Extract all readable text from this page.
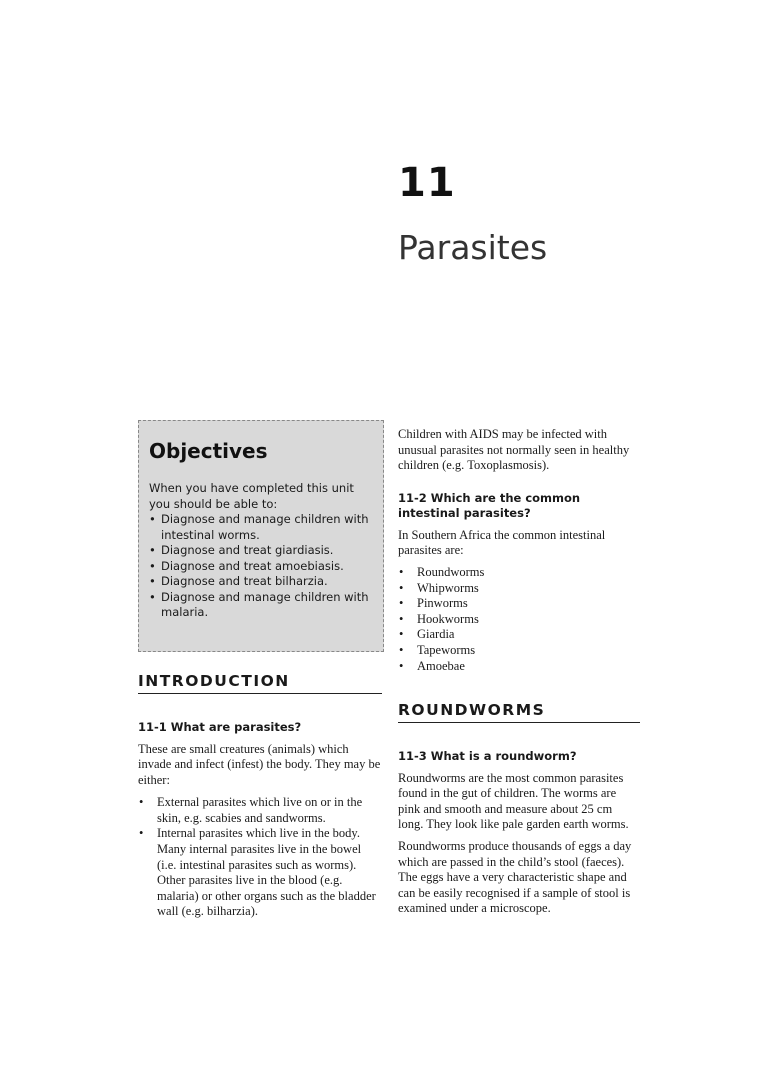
11
Parasites
Objectives

When you have completed this unit you should be able to:

• Diagnose and manage children with intestinal worms.
• Diagnose and treat giardiasis.
• Diagnose and treat amoebiasis.
• Diagnose and treat bilharzia.
• Diagnose and manage children with malaria.
INTRODUCTION
11-1 What are parasites?

These are small creatures (animals) which invade and infect (infest) the body. They may be either:

• External parasites which live on or in the skin, e.g. scabies and sandworms.
• Internal parasites which live in the body. Many internal parasites live in the bowel (i.e. intestinal parasites such as worms). Other parasites live in the blood (e.g. malaria) or other organs such as the bladder wall (e.g. bilharzia).

Children with AIDS may be infected with unusual parasites not normally seen in healthy children (e.g. Toxoplasmosis).

11-2 Which are the common intestinal parasites?

In Southern Africa the common intestinal parasites are:

• Roundworms
• Whipworms
• Pinworms
• Hookworms
• Giardia
• Tapeworms
• Amoebae
ROUNDWORMS
11-3 What is a roundworm?

Roundworms are the most common parasites found in the gut of children. The worms are pink and smooth and measure about 25 cm long. They look like pale garden earth worms.

Roundworms produce thousands of eggs a day which are passed in the child’s stool (faeces). The eggs have a very characteristic shape and can be easily recognised if a sample of stool is examined under a microscope.
